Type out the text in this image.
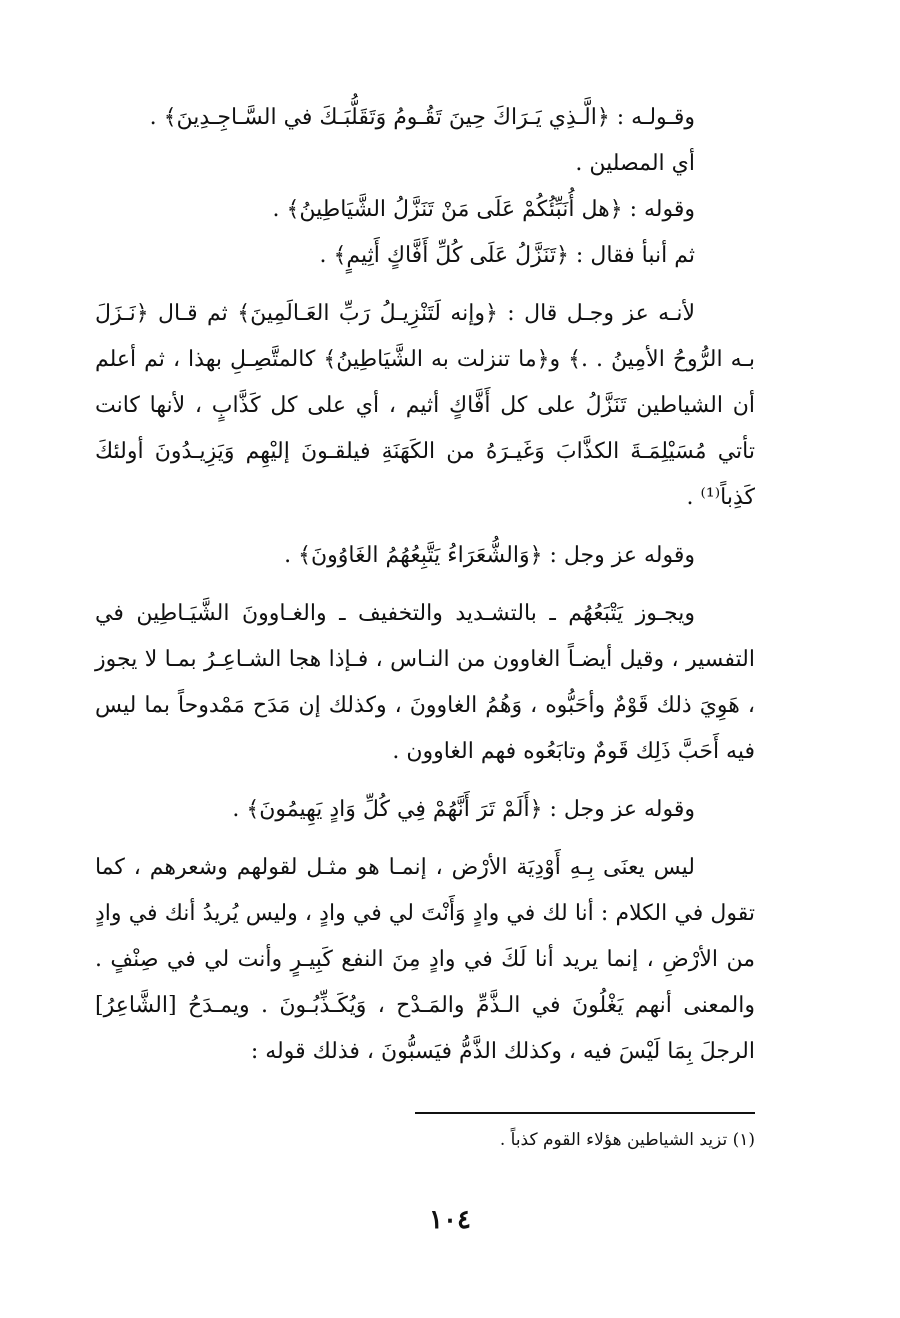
وقـولـه : ﴿الَّـذِي يَـرَاكَ حِينَ تَقُـومُ وَتَقَلُّبَـكَ في السَّـاجِـدِينَ﴾ .

أي المصلين .

وقوله : ﴿هل أُنَبِّئُكُمْ عَلَى مَنْ تَنَزَّلُ الشَّيَاطِينُ﴾ .

ثم أنبأ فقال : ﴿تَنَزَّلُ عَلَى كُلِّ أَفَّاكٍ أَثِيمٍ﴾ .

لأنـه عز وجـل قال : ﴿وإنه لَتَنْزِيـلُ رَبِّ العَـالَمِينَ﴾ ثم قـال ﴿نَـزَلَ بـه الرُّوحُ الأمِينُ . .﴾ و﴿ما تنزلت به الشَّيَاطِينُ﴾ كالمتَّصِـلِ بهذا ، ثم أعلم أن الشياطين تَنَزَّلُ على كل أَفَّاكٍ أثيم ، أي على كل كَذَّابٍ ، لأنها كانت تأتي مُسَيْلِمَـةَ الكذَّابَ وَغَيـرَهُ من الكَهَنَةِ فيلقـونَ إليْهِم وَيَزِيـدُونَ أولئكَ كَذِباً⁽¹⁾ .

وقوله عز وجل : ﴿وَالشُّعَرَاءُ يَتَّبِعُهُمُ الغَاوُونَ﴾ .

ويجـوز يَتْبَعُهُم ـ بالتشـديد والتخفيف ـ والغـاوونَ الشَّيَـاطِين في التفسير ، وقيل أيضـاً الغاوون من النـاس ، فـإذا هجا الشـاعِـرُ بمـا لا يجوز ، هَوِيَ ذلك قَوْمٌ وأحَبُّوه ، وَهُمُ الغاوونَ ، وكذلك إن مَدَح مَمْدوحاً بما ليس فيه أَحَبَّ ذَلِك قَومٌ وتابَعُوه فهم الغاوون .

وقوله عز وجل : ﴿أَلَمْ تَرَ أَنَّهُمْ فِي كُلِّ وَادٍ يَهِيمُونَ﴾ .

ليس يعنَى بِـهِ أَوْدِيَة الأرْض ، إنمـا هو مثـل لقولهم وشعرهم ، كما تقول في الكلام : أنا لك في وادٍ وَأَنْتَ لي في وادٍ ، وليس يُريدُ أنك في وادٍ من الأرْضِ ، إنما يريد أنا لَكَ في وادٍ مِنَ النفع كَبِيـرٍ وأنت لي في صِنْفٍ . والمعنى أنهم يَغْلُونَ في الـذَّمِّ والمَـدْح ، وَيُكَـذِّبُـونَ . ويمـدَحُ [الشَّاعِرُ] الرجلَ بِمَا لَيْسَ فيه ، وكذلك الذَّمُّ فيَسبُّونَ ، فذلك قوله :

(١) تزيد الشياطين هؤلاء القوم كذباً .
١٠٤
